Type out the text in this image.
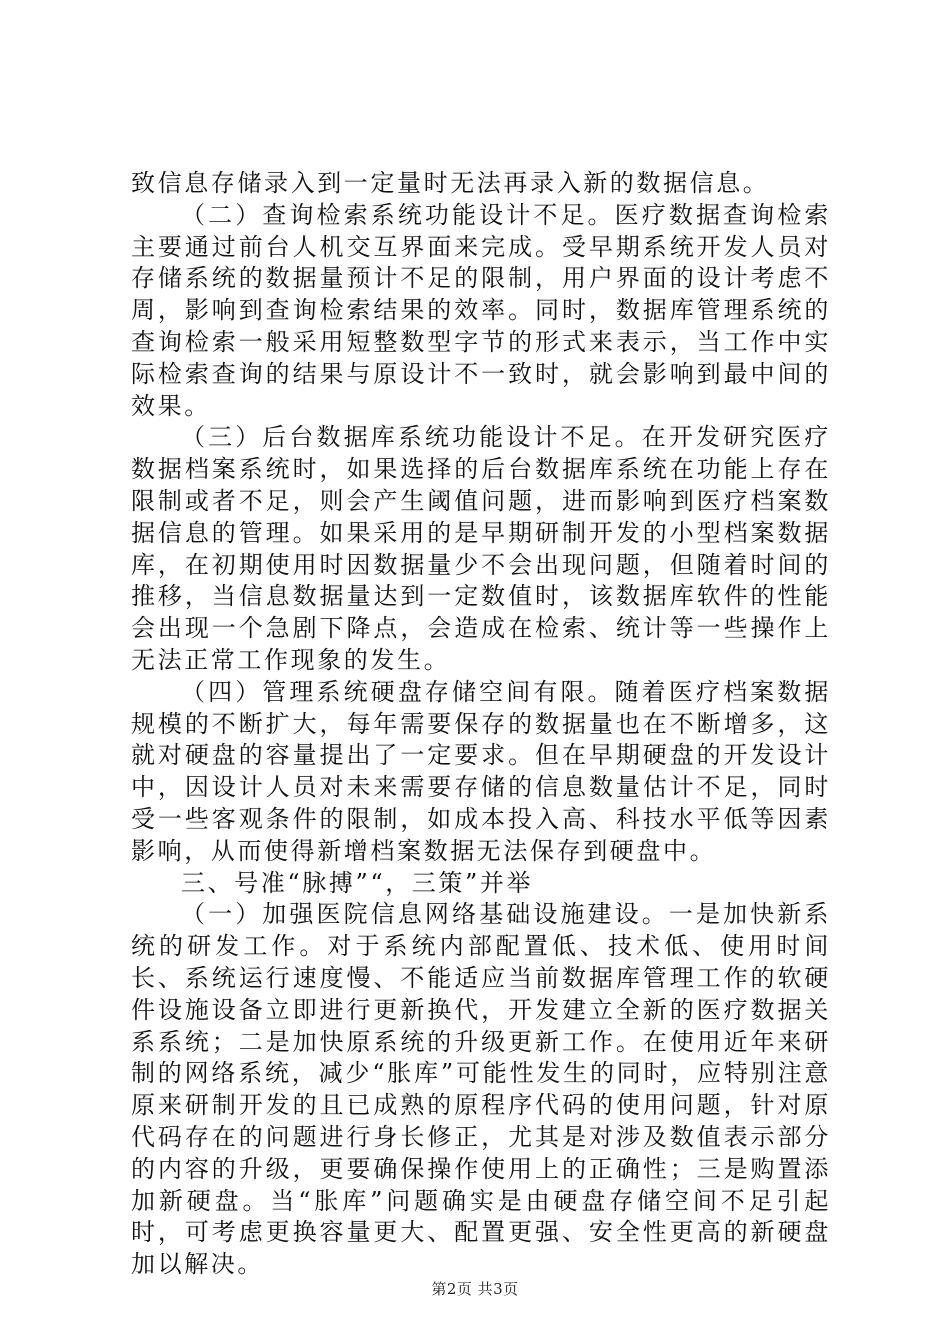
致信息存储录入到一定量时无法再录入新的数据信息。

（二）查询检索系统功能设计不足。医疗数据查询检索主要通过前台人机交互界面来完成。受早期系统开发人员对存储系统的数据量预计不足的限制，用户界面的设计考虑不周，影响到查询检索结果的效率。同时，数据库管理系统的查询检索一般采用短整数型字节的形式来表示，当工作中实际检索查询的结果与原设计不一致时，就会影响到最中间的效果。

（三）后台数据库系统功能设计不足。在开发研究医疗数据档案系统时，如果选择的后台数据库系统在功能上存在限制或者不足，则会产生阈值问题，进而影响到医疗档案数据信息的管理。如果采用的是早期研制开发的小型档案数据库，在初期使用时因数据量少不会出现问题，但随着时间的推移，当信息数据量达到一定数值时，该数据库软件的性能会出现一个急剧下降点，会造成在检索、统计等一些操作上无法正常工作现象的发生。

（四）管理系统硬盘存储空间有限。随着医疗档案数据规模的不断扩大，每年需要保存的数据量也在不断增多，这就对硬盘的容量提出了一定要求。但在早期硬盘的开发设计中，因设计人员对未来需要存储的信息数量估计不足，同时受一些客观条件的限制，如成本投入高、科技水平低等因素影响，从而使得新增档案数据无法保存到硬盘中。

三、号准“脉搏”“，三策”并举

（一）加强医院信息网络基础设施建设。一是加快新系统的研发工作。对于系统内部配置低、技术低、使用时间长、系统运行速度慢、不能适应当前数据库管理工作的软硬件设施设备立即进行更新换代，开发建立全新的医疗数据关系系统；二是加快原系统的升级更新工作。在使用近年来研制的网络系统，减少“胀库”可能性发生的同时，应特别注意原来研制开发的且已成熟的原程序代码的使用问题，针对原代码存在的问题进行身长修正，尤其是对涉及数值表示部分的内容的升级，更要确保操作使用上的正确性；三是购置添加新硬盘。当“胀库”问题确实是由硬盘存储空间不足引起时，可考虑更换容量更大、配置更强、安全性更高的新硬盘加以解决。

第2页 共3页
